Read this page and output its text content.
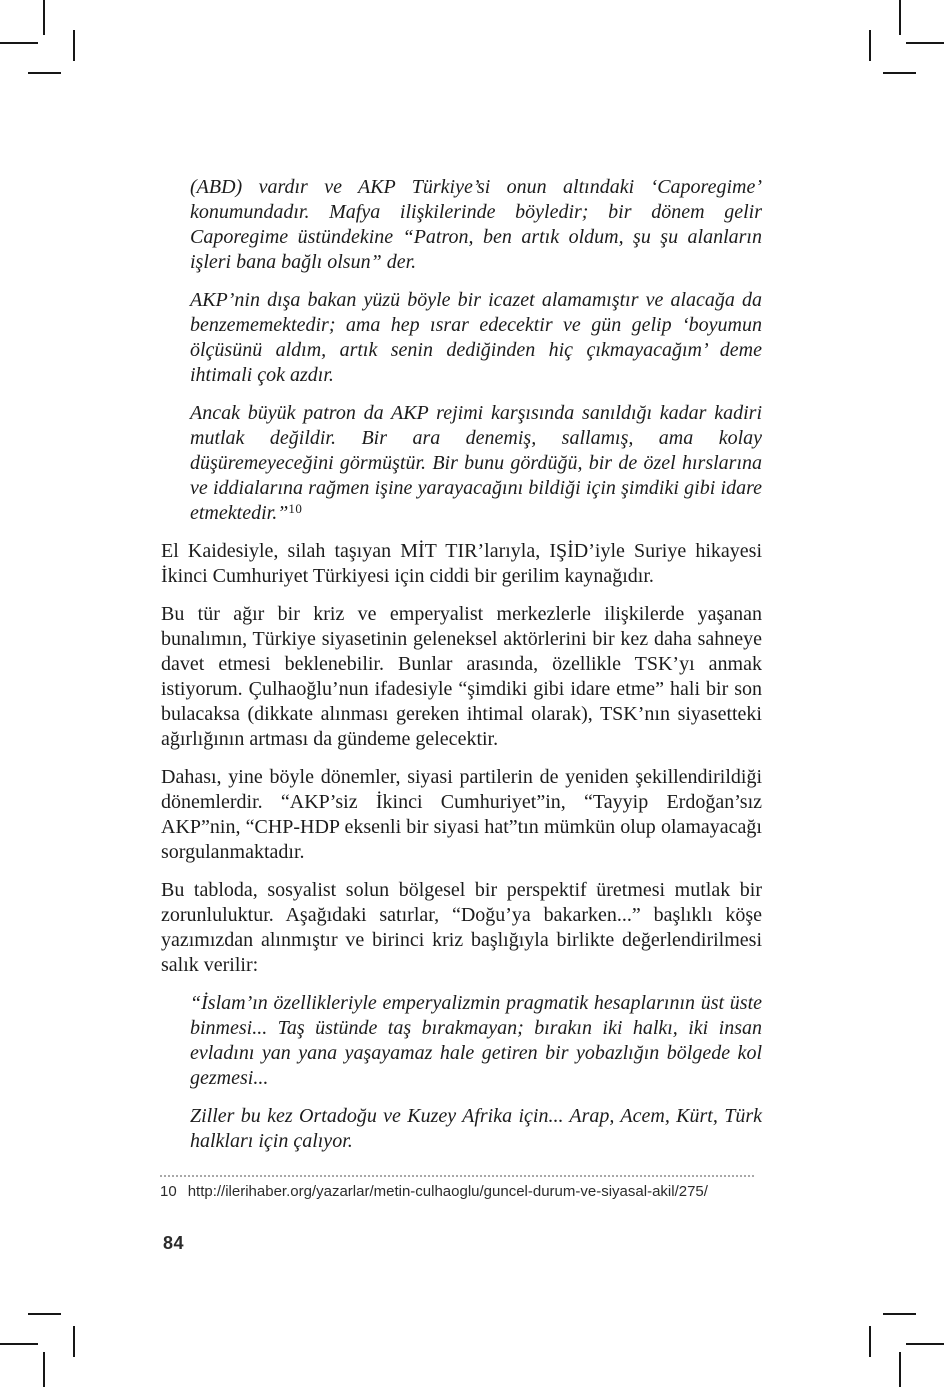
(ABD) vardır ve AKP Türkiye’si onun altındaki ‘Caporegime’ konumundadır. Mafya ilişkilerinde böyledir; bir dönem gelir Caporegime üstündekine “Patron, ben artık oldum, şu şu alanların işleri bana bağlı olsun” der.

AKP’nin dışa bakan yüzü böyle bir icazet alamamıştır ve alacağa da benzememektedir; ama hep ısrar edecektir ve gün gelip ‘boyumun ölçüsünü aldım, artık senin dediğinden hiç çıkmayacağım’ deme ihtimali çok azdır.

Ancak büyük patron da AKP rejimi karşısında sanıldığı kadar kadiri mutlak değildir. Bir ara denemiş, sallamış, ama kolay düşüremeyeceğini görmüştür. Bir bunu gördüğü, bir de özel hırslarına ve iddialarına rağmen işine yarayacağını bildiği için şimdiki gibi idare etmektedir.”$^{10}$

El Kaidesiyle, silah taşıyan MİT TIR’larıyla, IŞİD’iyle Suriye hikayesi İkinci Cumhuriyet Türkiyesi için ciddi bir gerilim kaynağıdır.

Bu tür ağır bir kriz ve emperyalist merkezlerle ilişkilerde yaşanan bunalımın, Türkiye siyasetinin geleneksel aktörlerini bir kez daha sahneye davet etmesi beklenebilir. Bunlar arasında, özellikle TSK’yı anmak istiyorum. Çulhaoğlu’nun ifadesiyle “şimdiki gibi idare etme” hali bir son bulacaksa (dikkate alınması gereken ihtimal olarak), TSK’nın siyasetteki ağırlığının artması da gündeme gelecektir.

Dahası, yine böyle dönemler, siyasi partilerin de yeniden şekillendirildiği dönemlerdir. “AKP’siz İkinci Cumhuriyet”in, “Tayyip Erdoğan’sız AKP”nin, “CHP-HDP eksenli bir siyasi hat”tın mümkün olup olamayacağı sorgulanmaktadır.

Bu tabloda, sosyalist solun bölgesel bir perspektif üretmesi mutlak bir zorunluluktur. Aşağıdaki satırlar, “Doğu’ya bakarken...” başlıklı köşe yazımızdan alınmıştır ve birinci kriz başlığıyla birlikte değerlendirilmesi salık verilir:

“İslam’ın özellikleriyle emperyalizmin pragmatik hesaplarının üst üste binmesi... Taş üstünde taş bırakmayan; bırakın iki halkı, iki insan evladını yan yana yaşayamaz hale getiren bir yobazlığın bölgede kol gezmesi...

Ziller bu kez Ortadoğu ve Kuzey Afrika için... Arap, Acem, Kürt, Türk halkları için çalıyor.

10 http://ilerihaber.org/yazarlar/metin-culhaoglu/guncel-durum-ve-siyasal-akil/275/
84
